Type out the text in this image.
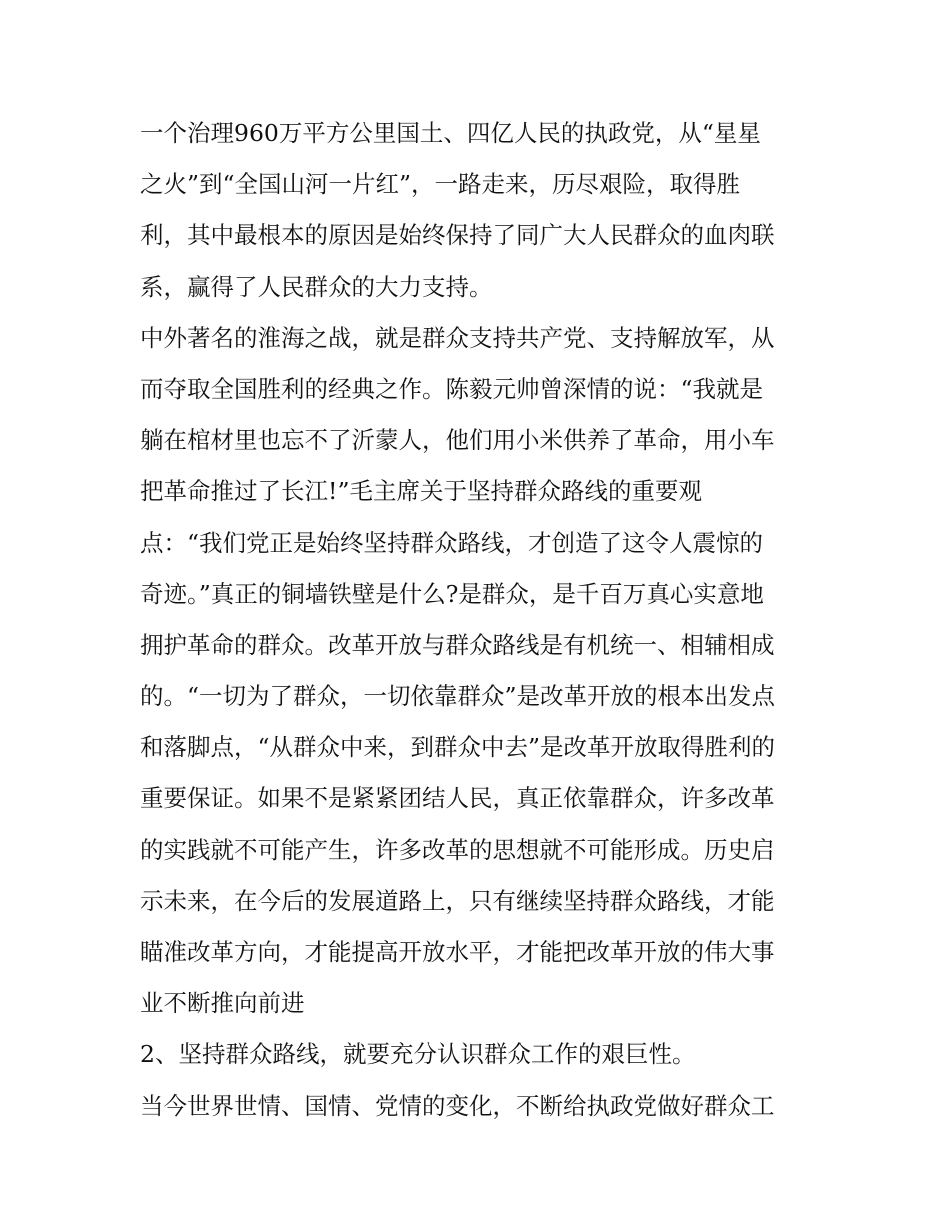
一个治理960万平方公里国土、四亿人民的执政党，从“星星
之火”到“全国山河一片红”，一路走来，历尽艰险，取得胜
利，其中最根本的原因是始终保持了同广大人民群众的血肉联
系，赢得了人民群众的大力支持。
中外著名的淮海之战，就是群众支持共产党、支持解放军，从
而夺取全国胜利的经典之作。陈毅元帅曾深情的说：“我就是
躺在棺材里也忘不了沂蒙人，他们用小米供养了革命，用小车
把革命推过了长江!”毛主席关于坚持群众路线的重要观
点：“我们党正是始终坚持群众路线，才创造了这令人震惊的
奇迹。”真正的铜墙铁壁是什么?是群众，是千百万真心实意地
拥护革命的群众。改革开放与群众路线是有机统一、相辅相成
的。“一切为了群众，一切依靠群众”是改革开放的根本出发点
和落脚点，“从群众中来，到群众中去”是改革开放取得胜利的
重要保证。如果不是紧紧团结人民，真正依靠群众，许多改革
的实践就不可能产生，许多改革的思想就不可能形成。历史启
示未来，在今后的发展道路上，只有继续坚持群众路线，才能
瞄准改革方向，才能提高开放水平，才能把改革开放的伟大事
业不断推向前进
2、坚持群众路线，就要充分认识群众工作的艰巨性。
当今世界世情、国情、党情的变化，不断给执政党做好群众工
